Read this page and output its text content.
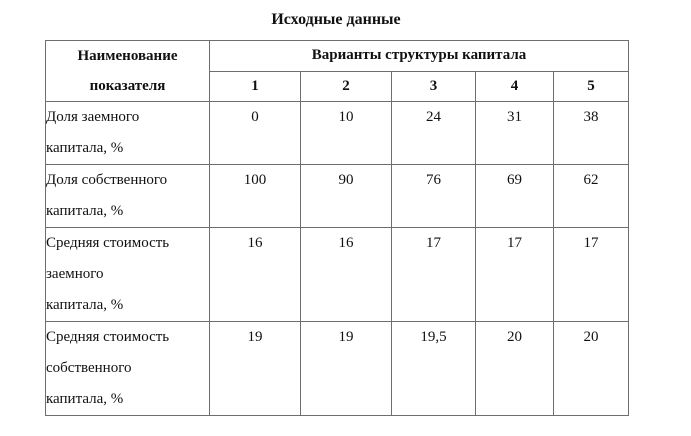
Исходные данные
Наименование
показателя	Варианты структуры капитала				
	1	2	3	4	5

Доля заемного
капитала, %	0	10	24	31	38

Доля собственного
капитала, %	100	90	76	69	62

Средняя стоимость
заемного
капитала, %	16	16	17	17	17

Средняя стоимость
собственного
капитала, %	19	19	19,5	20	20
